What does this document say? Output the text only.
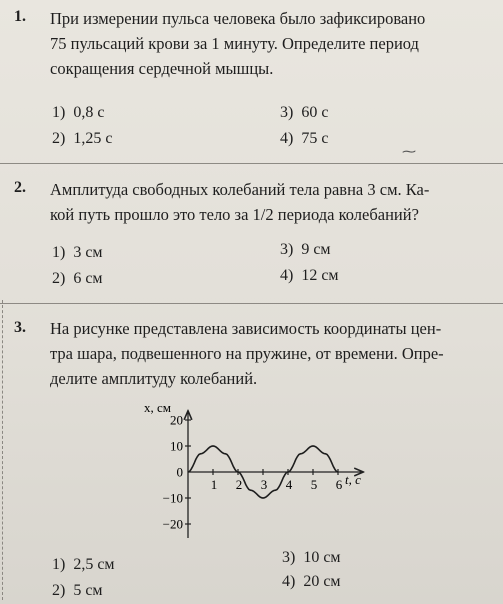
1. При измерении пульса человека было зафиксировано
75 пульсаций крови за 1 минуту. Определите период
сокращения сердечной мышцы.
1)  0,8 с
2)  1,25 с
3)  60 с
4)  75 с
⁓
2. Амплитуда свободных колебаний тела равна 3 см. Ка-
кой путь прошло это тело за 1/2 периода колебаний?
1)  3 см
2)  6 см
3)  9 см
4)  12 см
3. На рисунке представлена зависимость координаты цен-
тра шара, подвешенного на пружине, от времени. Опре-
делите амплитуду колебаний.
x, см
t, с
20
10
0
−10
−20
1 2 3 4 5 6
1)  2,5 см
2)  5 см
3)  10 см
4)  20 см
